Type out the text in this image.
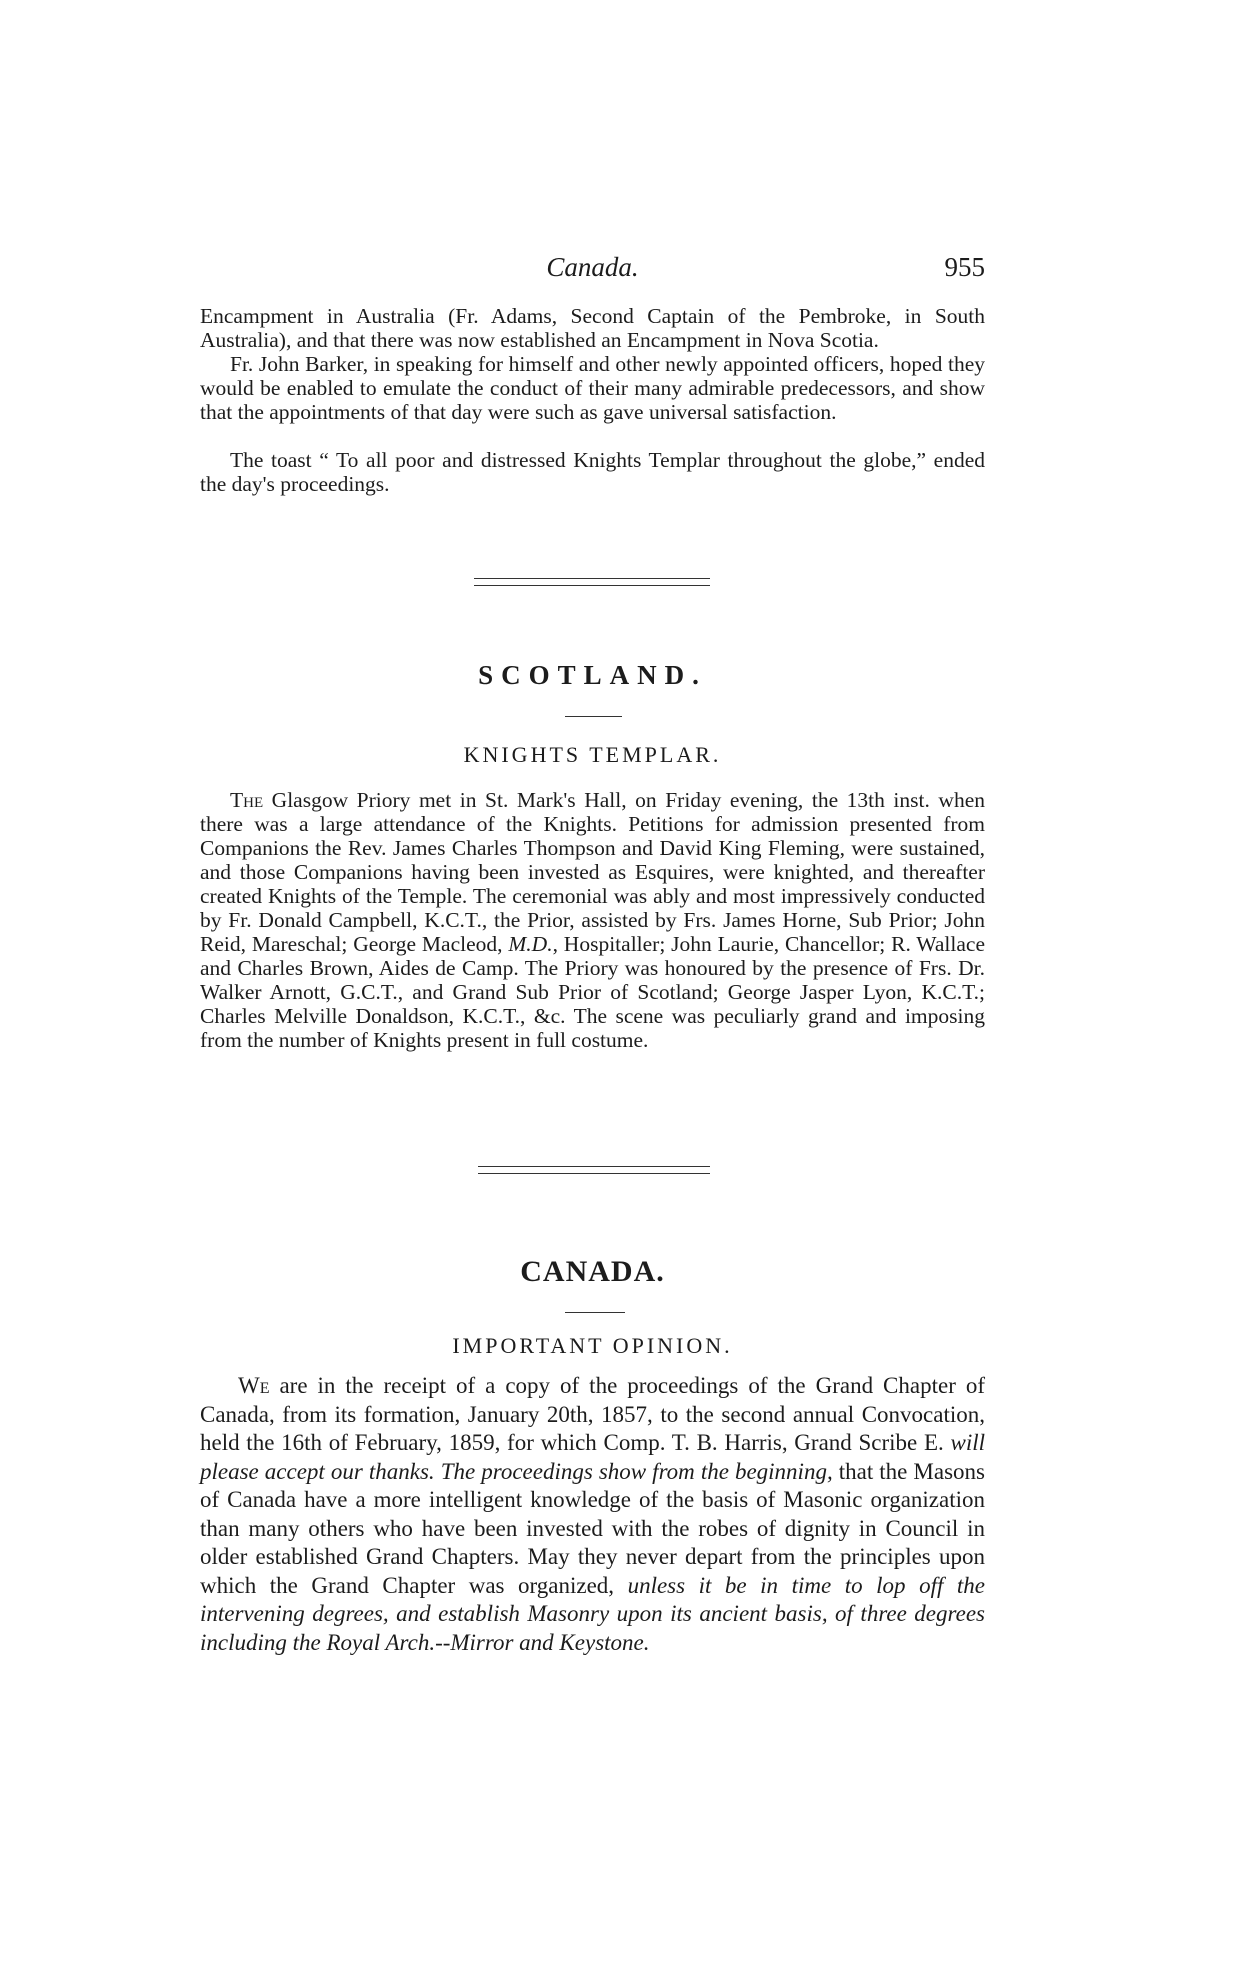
Canada.	955

Encampment in Australia (Fr. Adams, Second Captain of the Pembroke, in South Australia), and that there was now established an Encampment in Nova Scotia.

Fr. John Barker, in speaking for himself and other newly appointed officers, hoped they would be enabled to emulate the conduct of their many admirable predecessors, and show that the appointments of that day were such as gave universal satisfaction.

The toast “ To all poor and distressed Knights Templar throughout the globe,” ended the day's proceedings.

SCOTLAND.
KNIGHTS TEMPLAR.

The Glasgow Priory met in St. Mark's Hall, on Friday evening, the 13th inst. when there was a large attendance of the Knights. Petitions for admission presented from Companions the Rev. James Charles Thompson and David King Fleming, were sustained, and those Companions having been invested as Esquires, were knighted, and thereafter created Knights of the Temple. The ceremonial was ably and most impressively conducted by Fr. Donald Campbell, K.C.T., the Prior, assisted by Frs. James Horne, Sub Prior; John Reid, Mareschal; George Macleod, M.D., Hospitaller; John Laurie, Chancellor; R. Wallace and Charles Brown, Aides de Camp. The Priory was honoured by the presence of Frs. Dr. Walker Arnott, G.C.T., and Grand Sub Prior of Scotland; George Jasper Lyon, K.C.T.; Charles Melville Donaldson, K.C.T., &c. The scene was peculiarly grand and imposing from the number of Knights present in full costume.

CANADA.
IMPORTANT OPINION.

We are in the receipt of a copy of the proceedings of the Grand Chapter of Canada, from its formation, January 20th, 1857, to the second annual Convocation, held the 16th of February, 1859, for which Comp. T. B. Harris, Grand Scribe E. will please accept our thanks. The proceedings show from the beginning, that the Masons of Canada have a more intelligent knowledge of the basis of Masonic organization than many others who have been invested with the robes of dignity in Council in older established Grand Chapters. May they never depart from the principles upon which the Grand Chapter was organized, unless it be in time to lop off the intervening degrees, and establish Masonry upon its ancient basis, of three degrees including the Royal Arch.--Mirror and Keystone.
